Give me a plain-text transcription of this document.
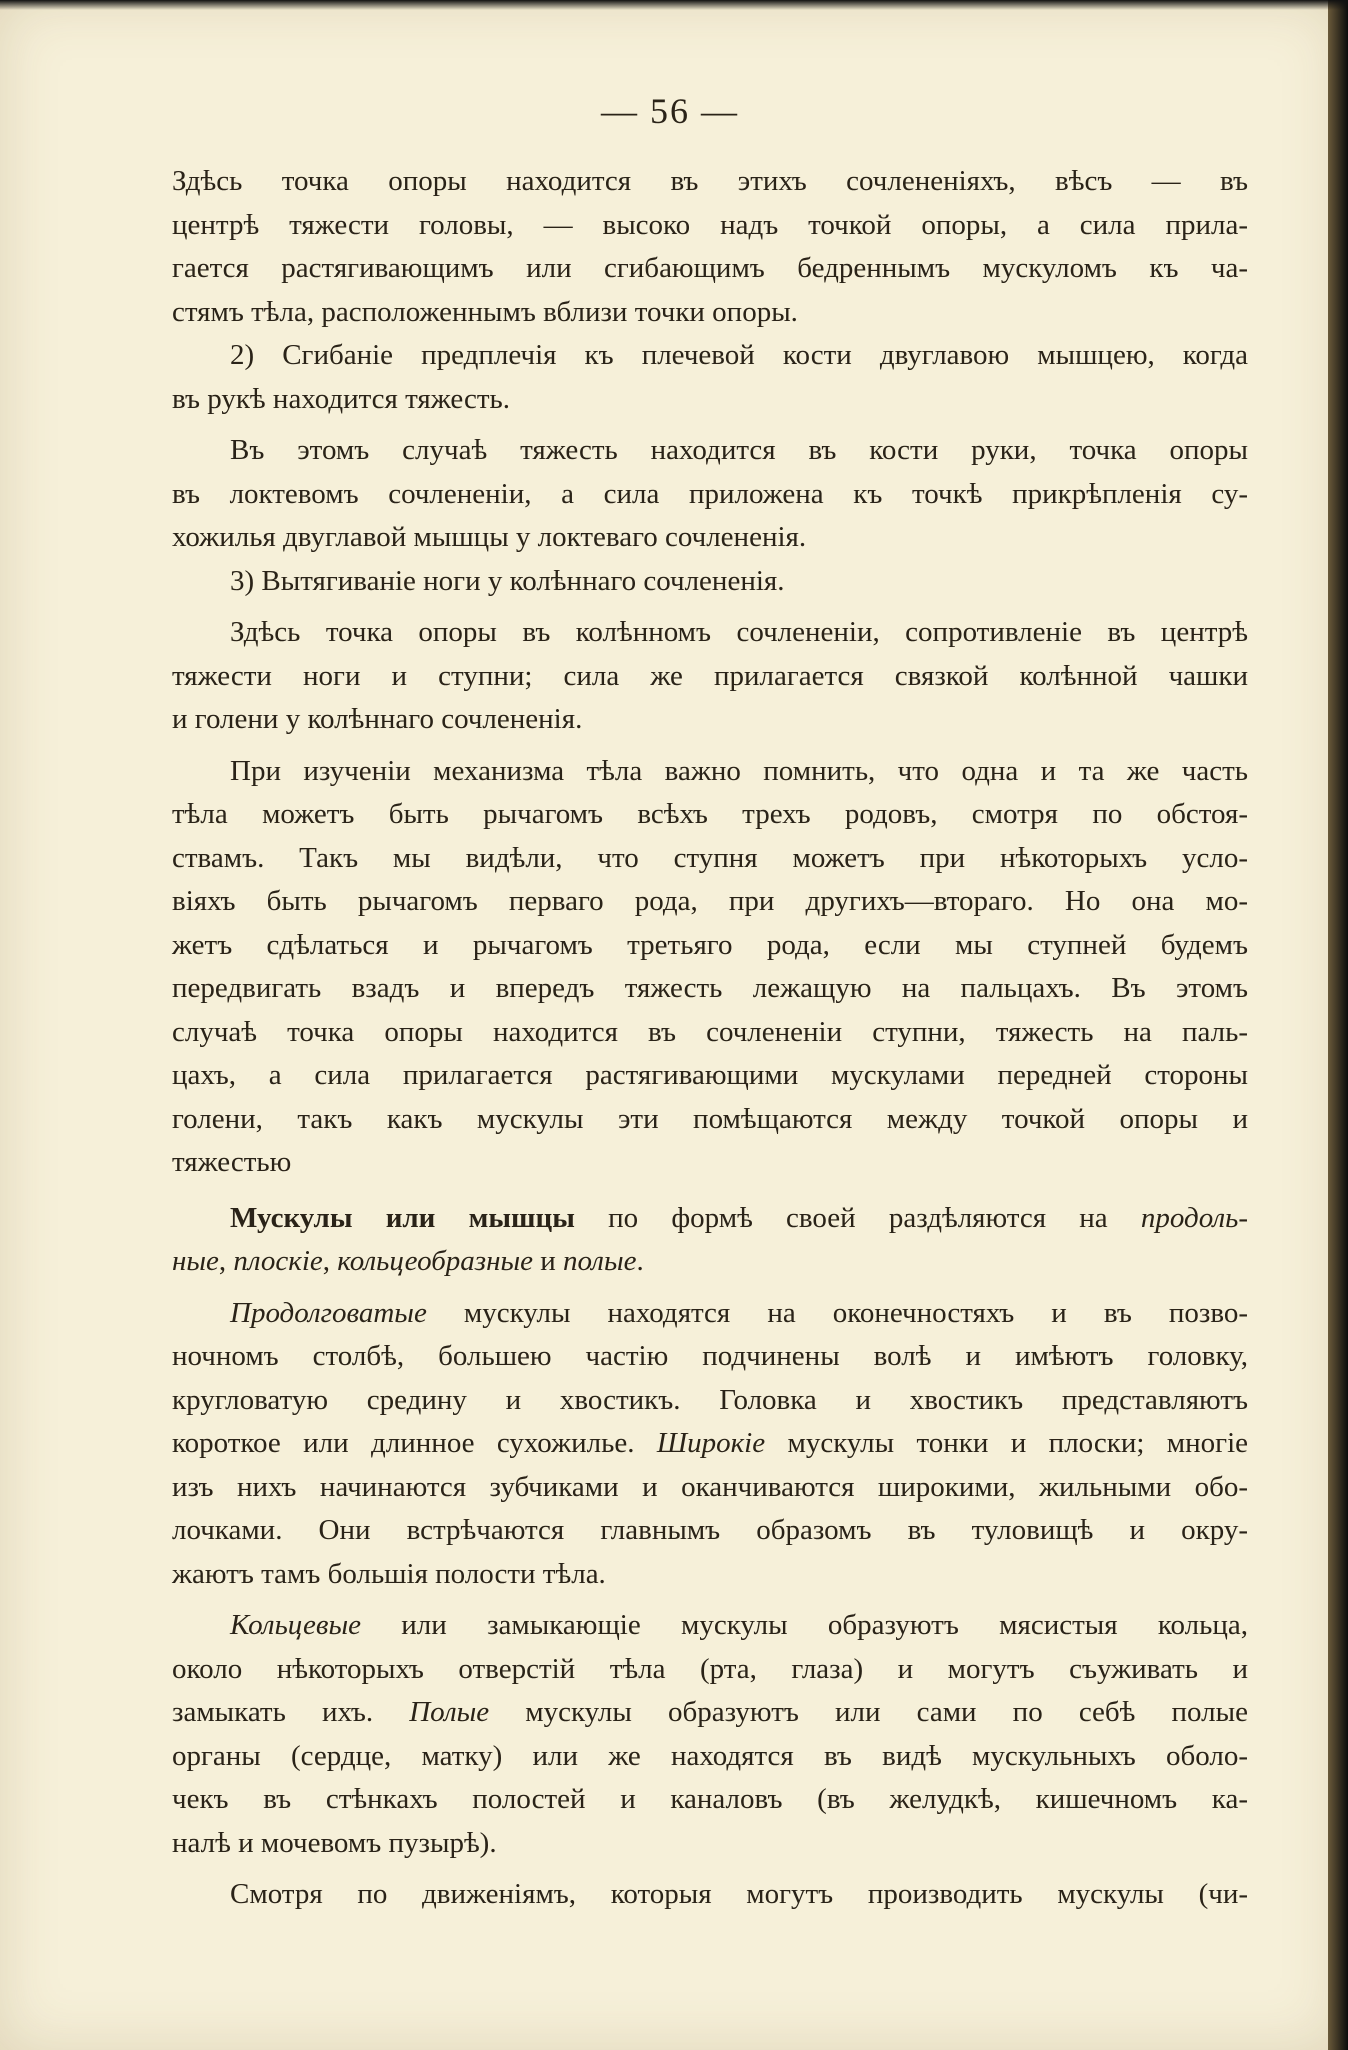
— 56 —
Здѣсь точка опоры находится въ этихъ сочлененіяхъ, вѣсъ — въ
центрѣ тяжести головы, — высоко надъ точкой опоры, а сила прила-
гается растягивающимъ или сгибающимъ бедреннымъ мускуломъ къ ча-
стямъ тѣла, расположеннымъ вблизи точки опоры.
2) Сгибаніе предплечія къ плечевой кости двуглавою мышцею, когда
въ рукѣ находится тяжесть.
Въ этомъ случаѣ тяжесть находится въ кости руки, точка опоры
въ локтевомъ сочлененіи, а сила приложена къ точкѣ прикрѣпленія су-
хожилья двуглавой мышцы у локтеваго сочлененія.
3) Вытягиваніе ноги у колѣннаго сочлененія.
Здѣсь точка опоры въ колѣнномъ сочлененіи, сопротивленіе въ центрѣ
тяжести ноги и ступни; сила же прилагается связкой колѣнной чашки
и голени у колѣннаго сочлененія.
При изученіи механизма тѣла важно помнить, что одна и та же часть
тѣла можетъ быть рычагомъ всѣхъ трехъ родовъ, смотря по обстоя-
ствамъ. Такъ мы видѣли, что ступня можетъ при нѣкоторыхъ усло-
віяхъ быть рычагомъ перваго рода, при другихъ—втораго. Но она мо-
жетъ сдѣлаться и рычагомъ третьяго рода, если мы ступней будемъ
передвигать взадъ и впередъ тяжесть лежащую на пальцахъ. Въ этомъ
случаѣ точка опоры находится въ сочлененіи ступни, тяжесть на паль-
цахъ, а сила прилагается растягивающими мускулами передней стороны
голени, такъ какъ мускулы эти помѣщаются между точкой опоры и
тяжестью
Мускулы или мышцы по формѣ своей раздѣляются на продоль-
ные, плоскіе, кольцеобразные и полые.
Продолговатые мускулы находятся на оконечностяхъ и въ позво-
ночномъ столбѣ, большею частію подчинены волѣ и имѣютъ головку,
кругловатую средину и хвостикъ. Головка и хвостикъ представляютъ
короткое или длинное сухожилье. Широкіе мускулы тонки и плоски; многіе
изъ нихъ начинаются зубчиками и оканчиваются широкими, жильными обо-
лочками. Они встрѣчаются главнымъ образомъ въ туловищѣ и окру-
жаютъ тамъ большія полости тѣла.
Кольцевые или замыкающіе мускулы образуютъ мясистыя кольца,
около нѣкоторыхъ отверстій тѣла (рта, глаза) и могутъ съуживать и
замыкать ихъ. Полые мускулы образуютъ или сами по себѣ полые
органы (сердце, матку) или же находятся въ видѣ мускульныхъ оболо-
чекъ въ стѣнкахъ полостей и каналовъ (въ желудкѣ, кишечномъ ка-
налѣ и мочевомъ пузырѣ).
Смотря по движеніямъ, которыя могутъ производить мускулы (чи-
